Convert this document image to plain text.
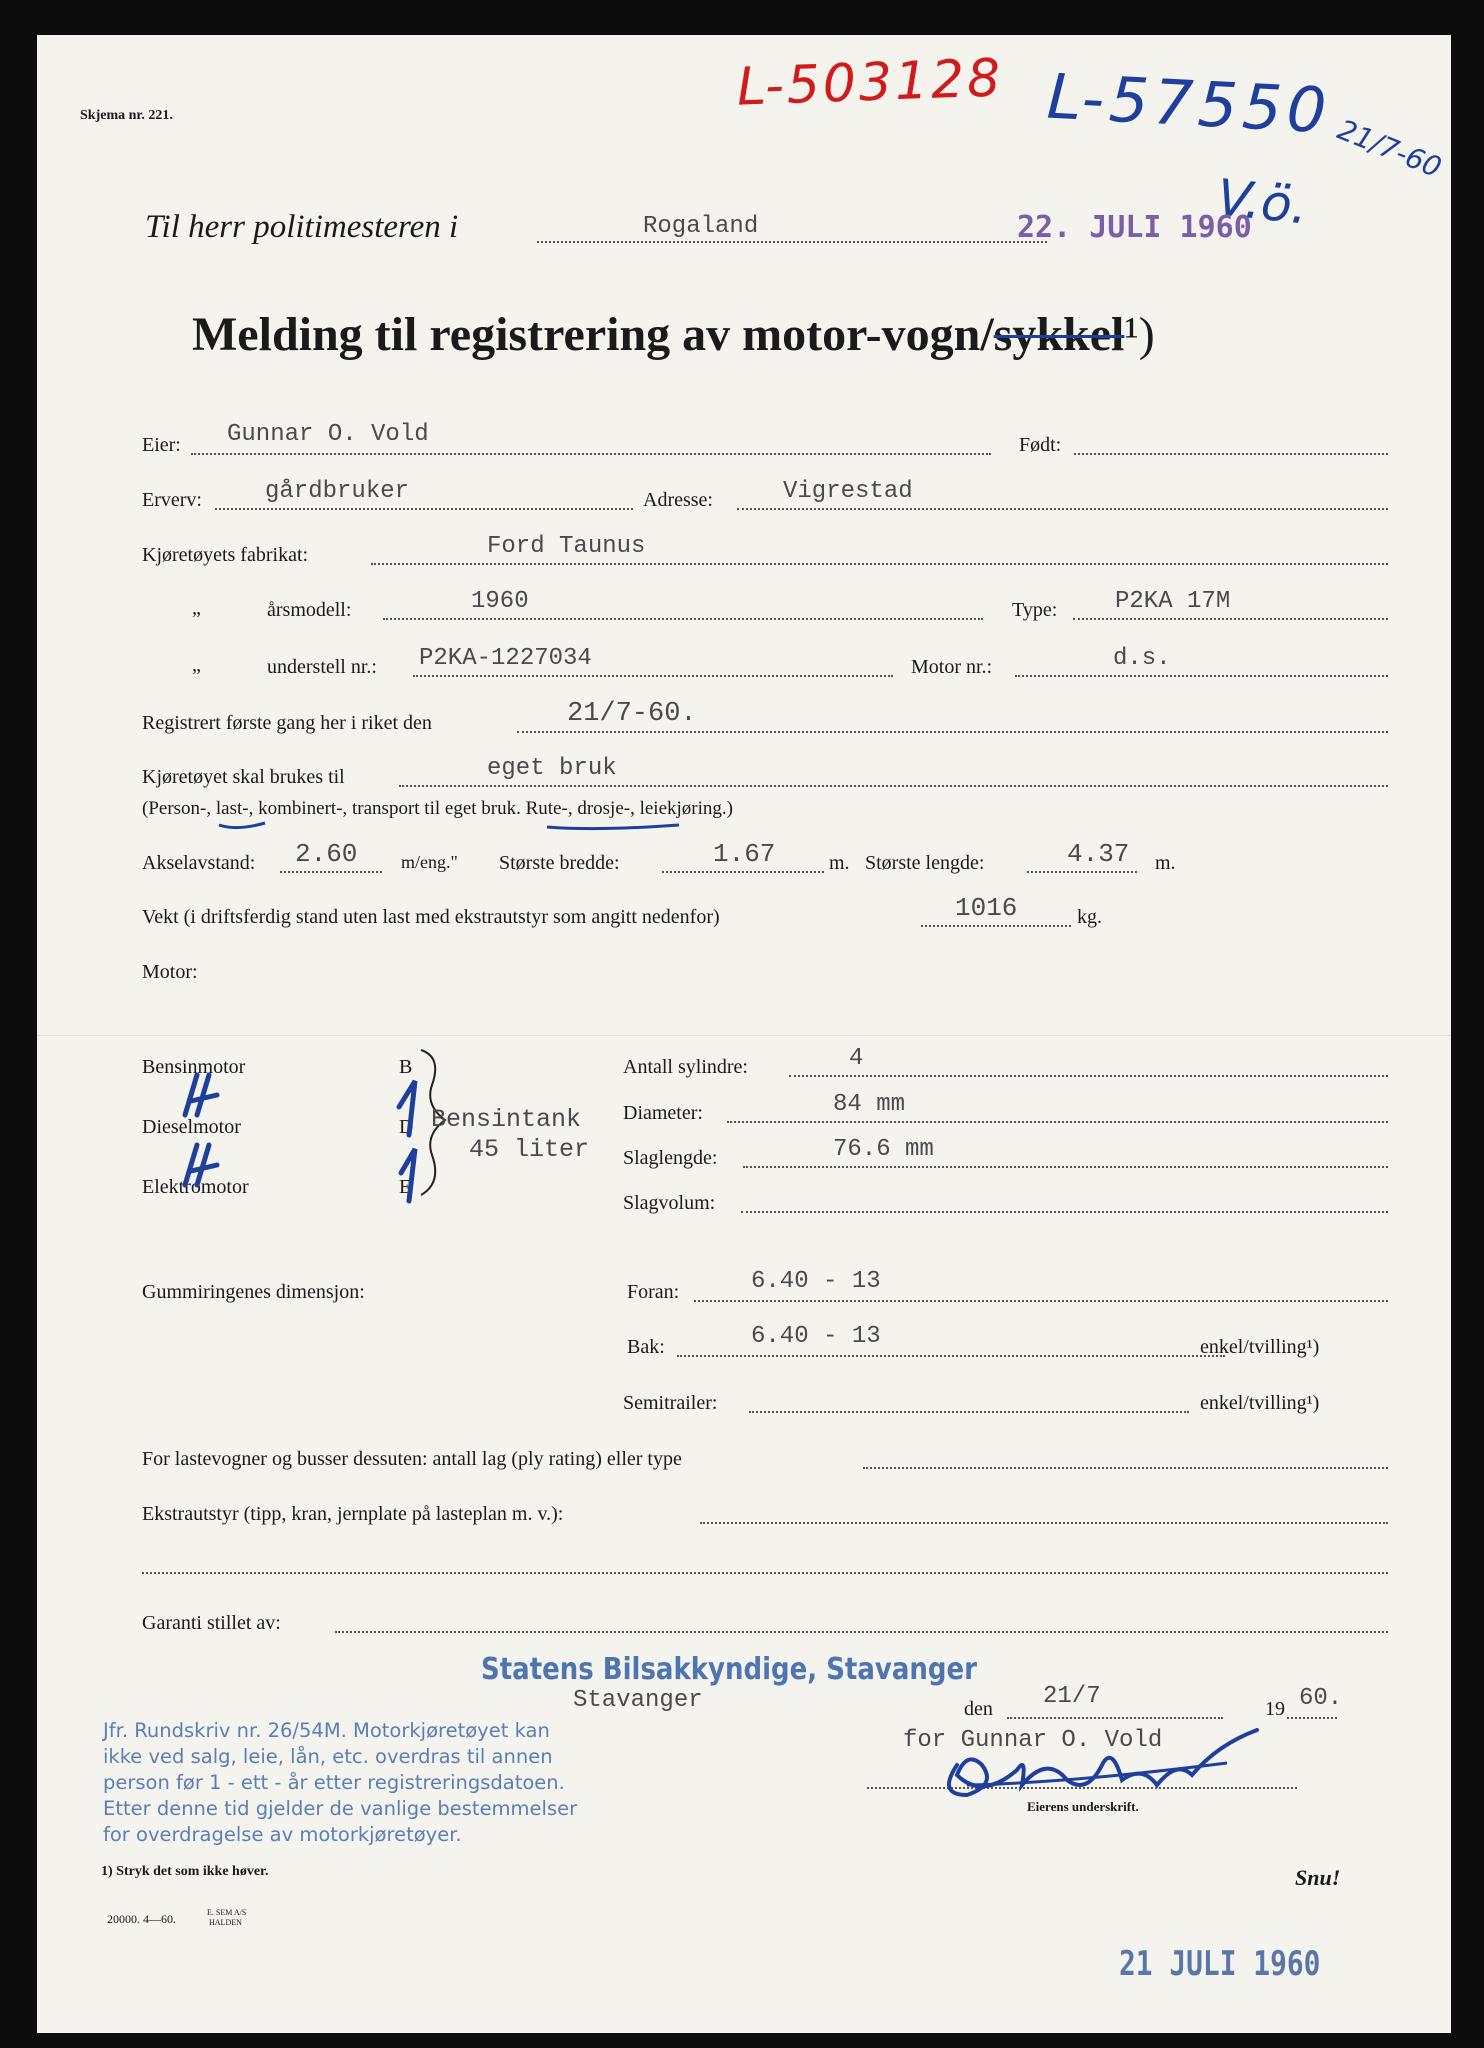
Skjema nr. 221.	L-503128 L-57550
21/7-60
V.ö.
Til herr politimesteren i	Rogaland	22. JULI 1960
Melding til registrering av motor-vogn/sykkel¹)
Eier: Gunnar O. Vold	Født:
Erverv:	gårdbruker	Adresse:	Vigrestad
Kjøretøyets fabrikat:	Ford Taunus
„	årsmodell:	1960	Type: P2KA 17M
„	understell nr.: P2KA-1227034	Motor nr.:	d.s.
Registrert første gang her i riket den	21/7-60.
Kjøretøyet skal brukes til	eget bruk
(Person-, last-, kombinert-, transport til eget bruk. Rute-, drosje-, leiekjøring.)
Akselavstand: 2.60 m/eng." Største bredde:	1.67	m. Største lengde:	4.37 m.
Vekt (i driftsferdig stand uten last med ekstrautstyr som angitt nedenfor)	1016	kg.
Motor:
Bensinmotor	B
Dieselmotor	D
Elektromotor	E
Bensintank
45 liter
Antall sylindre:	4
Diameter:	84 mm
Slaglengde:	76.6 mm
Slagvolum:
Gummiringenes dimensjon:	Foran:	6.40 - 13
Bak:	6.40 - 13	enkel/tvilling¹)
Semitrailer:	enkel/tvilling¹)
For lastevogner og busser dessuten: antall lag (ply rating) eller type
Ekstrautstyr (tipp, kran, jernplate på lasteplan m. v.):
Garanti stillet av:
Statens Bilsakkyndige, Stavanger
Stavanger	den 21/7	19 60.
for Gunnar O. Vold
Eierens underskrift.
Jfr. Rundskriv nr. 26/54M. Motorkjøretøyet kan
ikke ved salg, leie, lån, etc. overdras til annen
person før 1 - ett - år etter registreringsdatoen.
Etter denne tid gjelder de vanlige bestemmelser
for overdragelse av motorkjøretøyer.
1) Stryk det som ikke høver.	Snu!
20000. 4—60.	E. SEM A/S
HALDEN
21 JULI 1960
